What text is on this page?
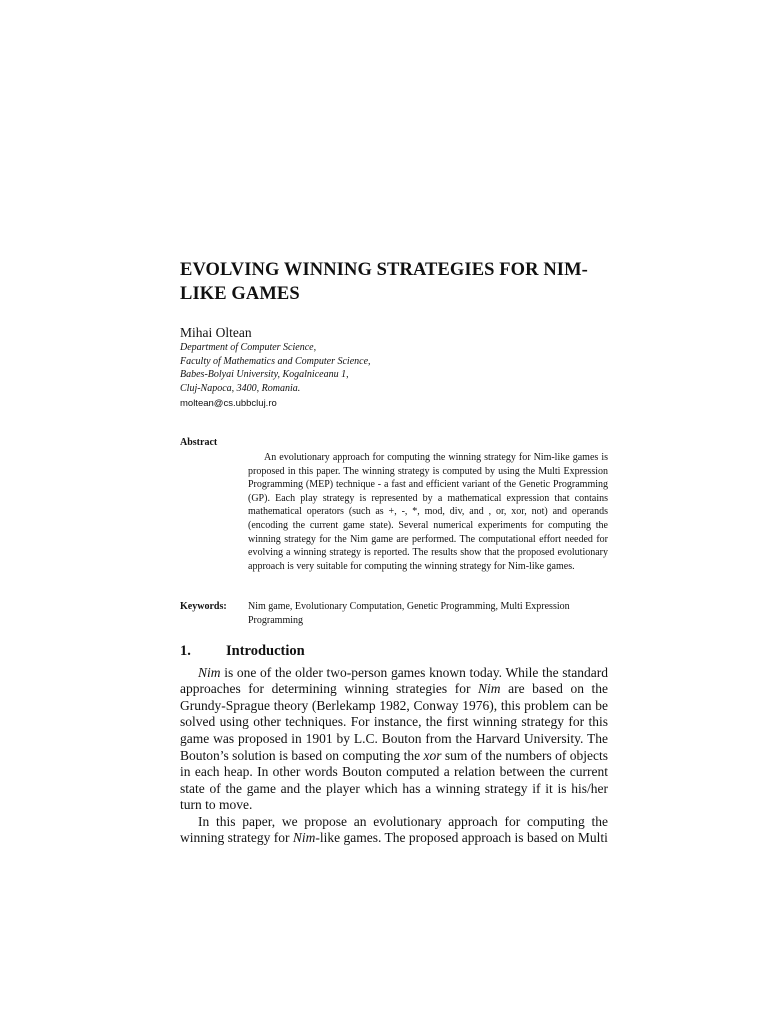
EVOLVING WINNING STRATEGIES FOR NIM-LIKE GAMES

Mihai Oltean

Department of Computer Science,

Faculty of Mathematics and Computer Science,

Babes-Bolyai University, Kogalniceanu 1,

Cluj-Napoca, 3400, Romania.

moltean@cs.ubbcluj.ro

Abstract

An evolutionary approach for computing the winning strategy for Nim-like games is proposed in this paper. The winning strategy is computed by using the Multi Expression Programming (MEP) technique - a fast and efficient variant of the Genetic Programming (GP). Each play strategy is represented by a mathematical expression that contains mathematical operators (such as +, -, *, mod, div, and , or, xor, not) and operands (encoding the current game state). Several numerical experiments for computing the winning strategy for the Nim game are performed. The computational effort needed for evolving a winning strategy is reported. The results show that the proposed evolutionary approach is very suitable for computing the winning strategy for Nim-like games.
Keywords:	Nim game, Evolutionary Computation, Genetic Programming, Multi Expression Programming
1.	Introduction

Nim is one of the older two-person games known today. While the standard approaches for determining winning strategies for Nim are based on the Grundy-Sprague theory (Berlekamp 1982, Conway 1976), this problem can be solved using other techniques. For instance, the first winning strategy for this game was proposed in 1901 by L.C. Bouton from the Harvard University. The Bouton’s solution is based on computing the xor sum of the numbers of objects in each heap. In other words Bouton computed a relation between the current state of the game and the player which has a winning strategy if it is his/her turn to move.

In this paper, we propose an evolutionary approach for computing the winning strategy for Nim-like games. The proposed approach is based on Multi
